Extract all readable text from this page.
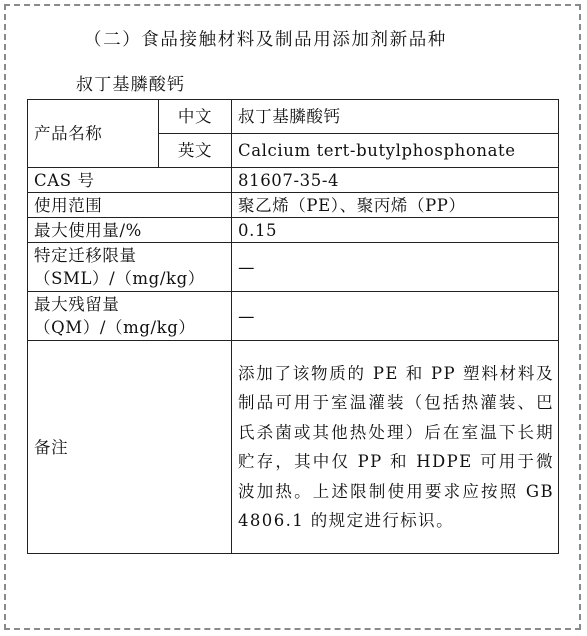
（二）食品接触材料及制品用添加剂新品种
叔丁基膦酸钙
产品名称	中文	叔丁基膦酸钙
	英文	Calcium tert-butylphosphonate
CAS 号		81607-35-4
使用范围		聚乙烯（PE）、聚丙烯（PP）
最大使用量/%		0.15

特定迁移限量
（SML）/（mg/kg）		—

最大残留量
（QM）/（mg/kg）		—
备注		添加了该物质的 PE 和 PP 塑料材料及制品可用于室温灌装（包括热灌装、巴氏杀菌或其他热处理）后在室温下长期贮存，其中仅 PP 和 HDPE 可用于微波加热。上述限制使用要求应按照 GB 4806.1 的规定进行标识。
